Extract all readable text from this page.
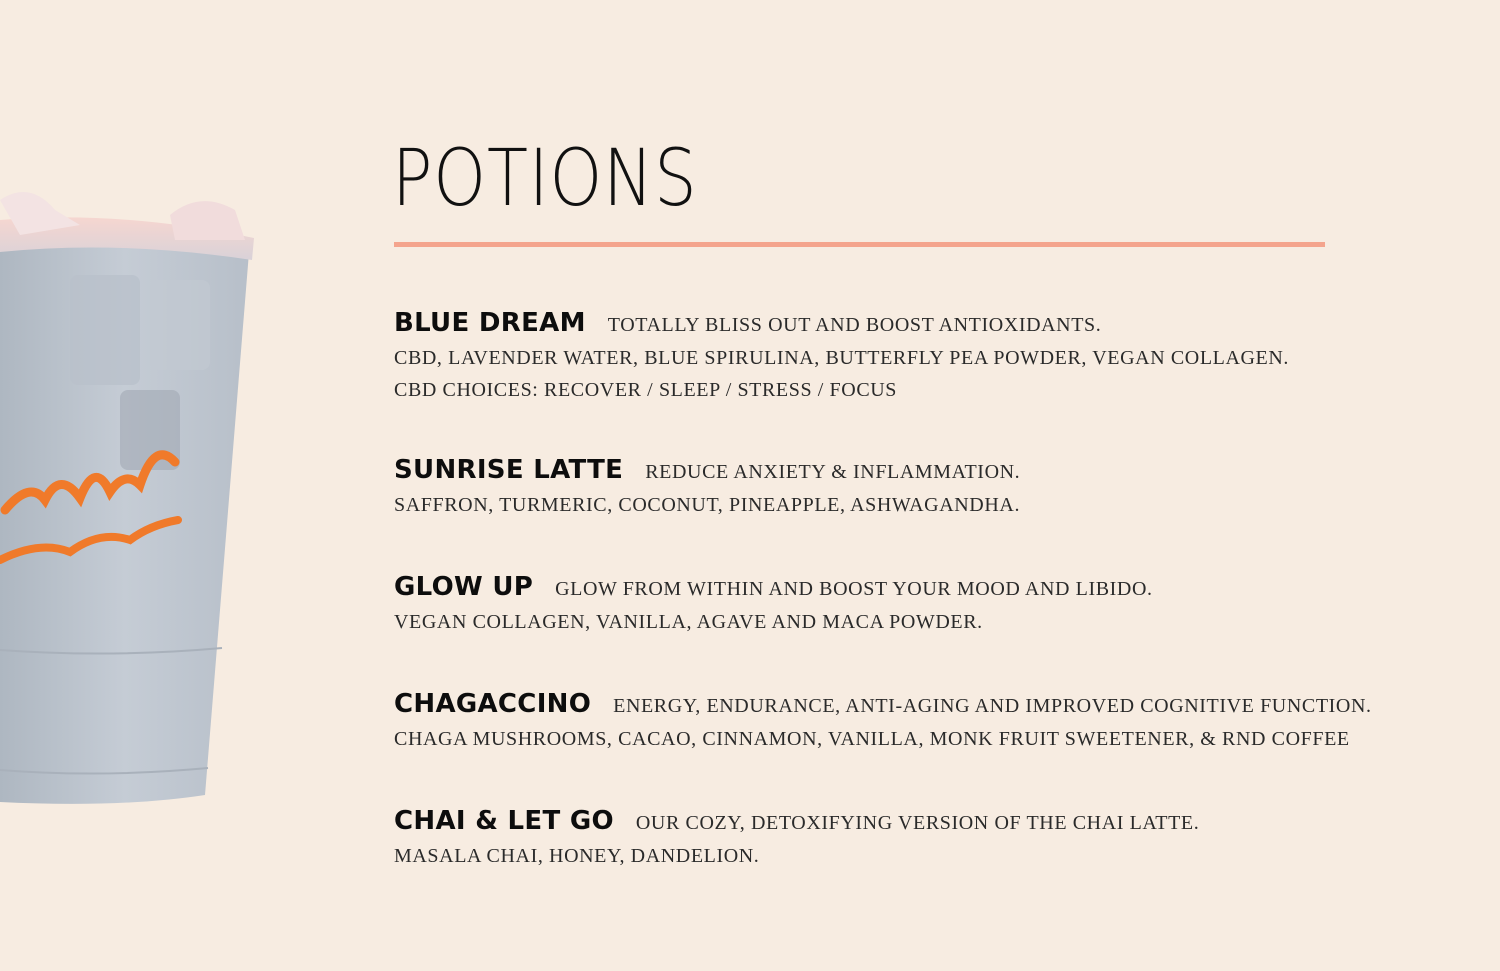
POTIONS
BLUE DREAM TOTALLY BLISS OUT AND BOOST ANTIOXIDANTS.
CBD, LAVENDER WATER, BLUE SPIRULINA, BUTTERFLY PEA POWDER, VEGAN COLLAGEN.
CBD CHOICES: RECOVER / SLEEP / STRESS / FOCUS
SUNRISE LATTE REDUCE ANXIETY & INFLAMMATION.
SAFFRON, TURMERIC, COCONUT, PINEAPPLE, ASHWAGANDHA.
GLOW UP GLOW FROM WITHIN AND BOOST YOUR MOOD AND LIBIDO.
VEGAN COLLAGEN, VANILLA, AGAVE AND MACA POWDER.
CHAGACCINO ENERGY, ENDURANCE, ANTI-AGING AND IMPROVED COGNITIVE FUNCTION.
CHAGA MUSHROOMS, CACAO, CINNAMON, VANILLA, MONK FRUIT SWEETENER, & RND COFFEE
CHAI & LET GO OUR COZY, DETOXIFYING VERSION OF THE CHAI LATTE.
MASALA CHAI, HONEY, DANDELION.
